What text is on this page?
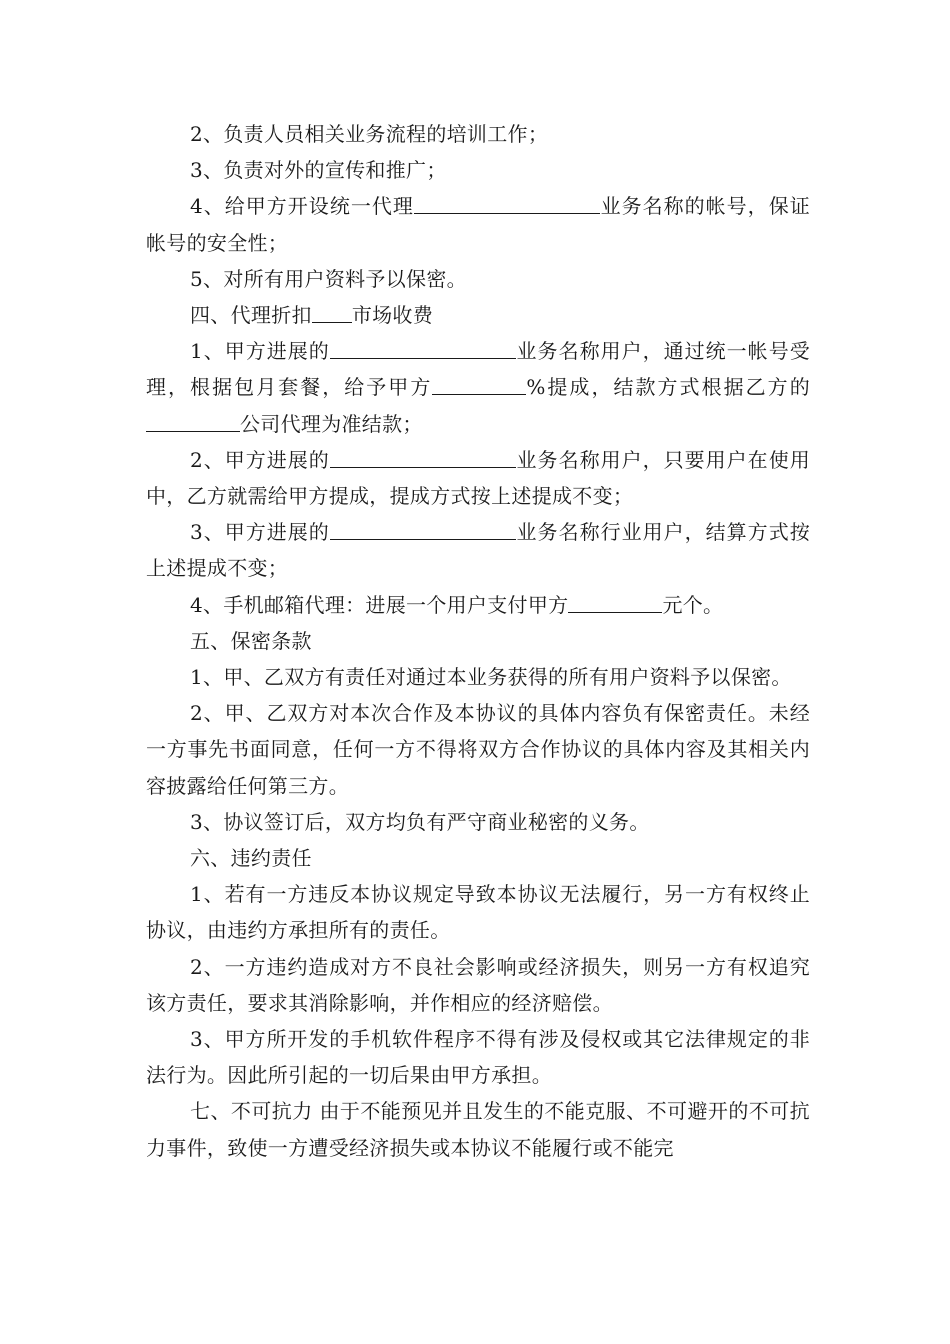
2、负责人员相关业务流程的培训工作；

3、负责对外的宣传和推广；

4、给甲方开设统一代理	业务名称的帐号，保证帐号的安全性；

5、对所有用户资料予以保密。

四、代理折扣 市场收费

1、甲方进展的	业务名称用户，通过统一帐号受理，根据包月套餐，给予甲方	%提成，结款方式根据乙方的公司代理为准结款；

2、甲方进展的	业务名称用户，只要用户在使用中，乙方就需给甲方提成，提成方式按上述提成不变；

3、甲方进展的	业务名称行业用户，结算方式按上述提成不变；

4、手机邮箱代理：进展一个用户支付甲方	元个。

五、保密条款

1、甲、乙双方有责任对通过本业务获得的所有用户资料予以保密。

2、甲、乙双方对本次合作及本协议的具体内容负有保密责任。未经一方事先书面同意，任何一方不得将双方合作协议的具体内容及其相关内容披露给任何第三方。

3、协议签订后，双方均负有严守商业秘密的义务。

六、违约责任

1、若有一方违反本协议规定导致本协议无法履行，另一方有权终止协议，由违约方承担所有的责任。

2、一方违约造成对方不良社会影响或经济损失，则另一方有权追究该方责任，要求其消除影响，并作相应的经济赔偿。

3、甲方所开发的手机软件程序不得有涉及侵权或其它法律规定的非法行为。因此所引起的一切后果由甲方承担。

七、不可抗力 由于不能预见并且发生的不能克服、不可避开的不可抗力事件，致使一方遭受经济损失或本协议不能履行或不能完
